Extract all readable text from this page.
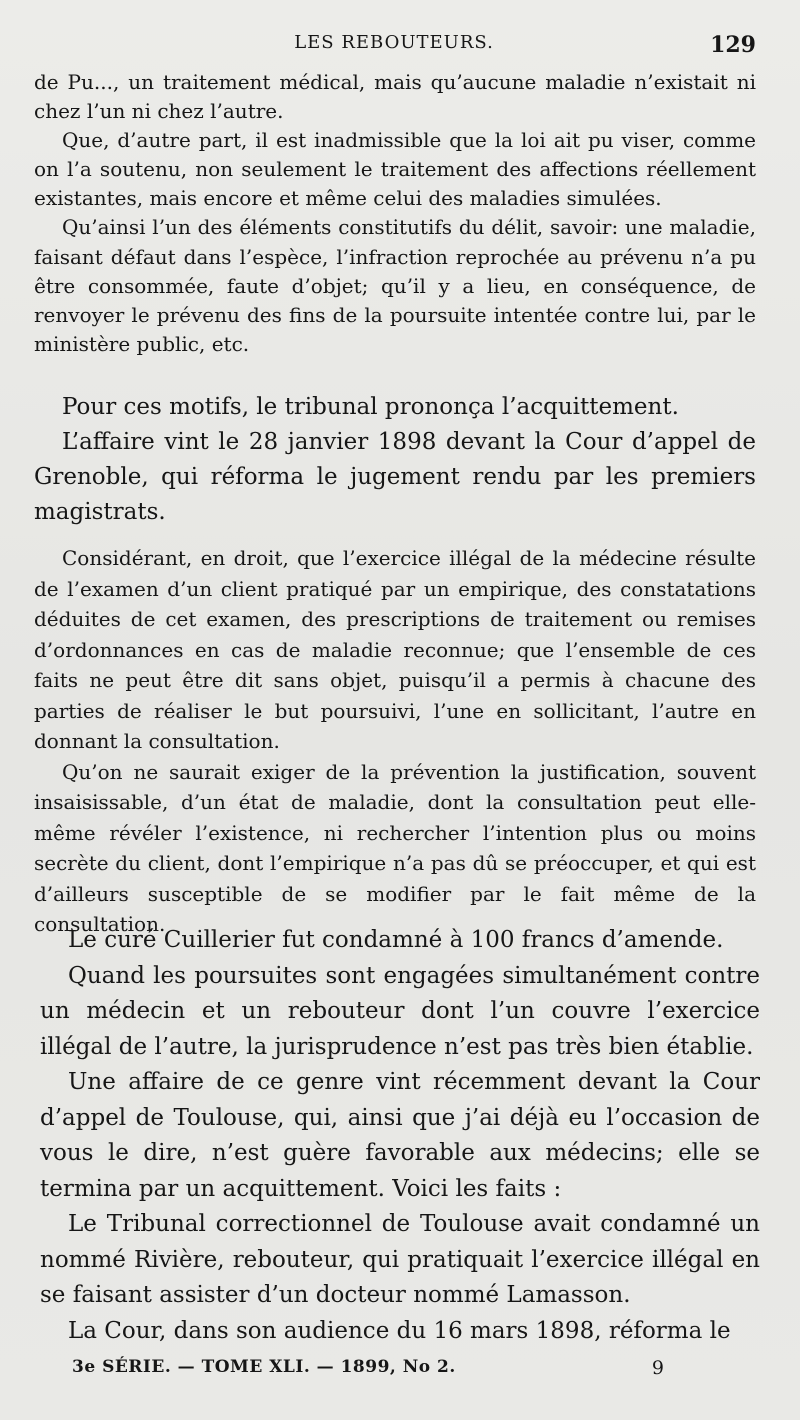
LES REBOUTEURS.	129

de Pu..., un traitement médical, mais qu’aucune maladie n’existait ni chez l’un ni chez l’autre.

Que, d’autre part, il est inadmissible que la loi ait pu viser, comme on l’a soutenu, non seulement le traitement des affections réellement existantes, mais encore et même celui des maladies simulées.

Qu’ainsi l’un des éléments constitutifs du délit, savoir: une maladie, faisant défaut dans l’espèce, l’infraction reprochée au prévenu n’a pu être consommée, faute d’objet; qu’il y a lieu, en conséquence, de renvoyer le prévenu des fins de la poursuite intentée contre lui, par le ministère public, etc.

Pour ces motifs, le tribunal prononça l’acquittement.

L’affaire vint le 28 janvier 1898 devant la Cour d’appel de Grenoble, qui réforma le jugement rendu par les premiers magistrats.

Considérant, en droit, que l’exercice illégal de la médecine résulte de l’examen d’un client pratiqué par un empirique, des constatations déduites de cet examen, des prescriptions de traitement ou remises d’ordonnances en cas de maladie reconnue; que l’ensemble de ces faits ne peut être dit sans objet, puisqu’il a permis à chacune des parties de réaliser le but poursuivi, l’une en sollicitant, l’autre en donnant la consultation.

Qu’on ne saurait exiger de la prévention la justification, souvent insaisissable, d’un état de maladie, dont la consultation peut elle-même révéler l’existence, ni rechercher l’intention plus ou moins secrète du client, dont l’empirique n’a pas dû se préoccuper, et qui est d’ailleurs susceptible de se modifier par le fait même de la consultation.

Le curé Cuillerier fut condamné à 100 francs d’amende.

Quand les poursuites sont engagées simultanément contre un médecin et un rebouteur dont l’un couvre l’exercice illégal de l’autre, la jurisprudence n’est pas très bien établie.

Une affaire de ce genre vint récemment devant la Cour d’appel de Toulouse, qui, ainsi que j’ai déjà eu l’occasion de vous le dire, n’est guère favorable aux médecins; elle se termina par un acquittement. Voici les faits :

Le Tribunal correctionnel de Toulouse avait condamné un nommé Rivière, rebouteur, qui pratiquait l’exercice illégal en se faisant assister d’un docteur nommé Lamasson.

La Cour, dans son audience du 16 mars 1898, réforma le

3e SÉRIE. — TOME XLI. — 1899, No 2.	9
